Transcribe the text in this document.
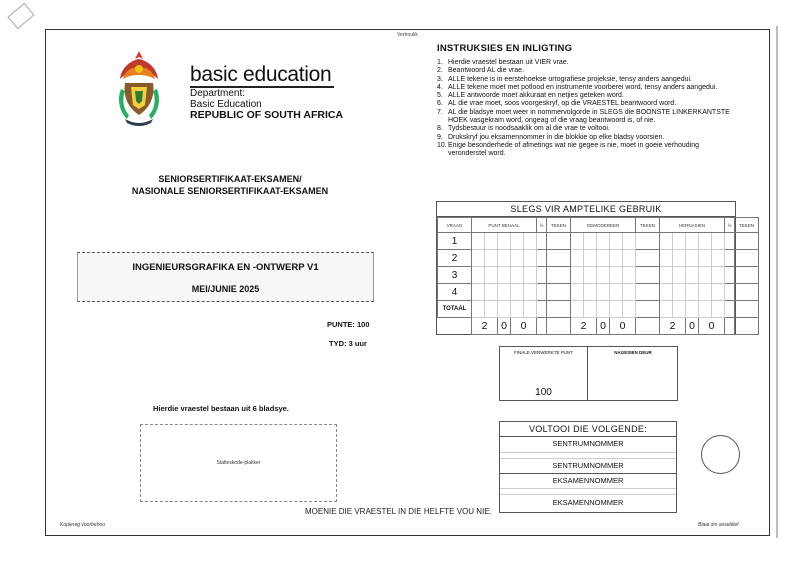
Vertroulik
basic education
Department:
Basic Education
REPUBLIC OF SOUTH AFRICA
SENIORSERTIFIKAAT-EKSAMEN/
NASIONALE SENIORSERTIFIKAAT-EKSAMEN
INGENIEURSGRAFIKA EN -ONTWERP V1
MEI/JUNIE 2025
PUNTE: 100
TYD: 3 uur
Hierdie vraestel bestaan uit 6 bladsye.
Stafieskode-plakker
MOENIE DIE VRAESTEL IN DIE HELFTE VOU NIE.
Kopiereg voorbehou	Blaai om asseblief
INSTRUKSIES EN INLIGTING
1. Hierdie vraestel bestaan uit VIER vrae.
2. Beantwoord AL die vrae.
3. ALLE tekene is in eerstehoekse ortografiese projeksie, tensy anders aangedui.
4. ALLE tekene moet met potlood en instrumente voorberei word, tensy anders aangedui.
5. ALLE antwoorde moet akkuraat en netjies geteken word.
6. AL die vrae moet, soos voorgeskryf, op die VRAESTEL beantwoord word.
7. AL die bladsye moet weer in nommervolgorde in SLEGS die BOONSTE LINKERKANTSTE HOEK vasgekram word, ongeag of die vraag beantwoord is, of nie.
8. Tydsbestuur is noodsaaklik om al die vrae te voltooi.
9. Drukskryf jou eksamennommer in die blokkie op elke bladsy voorsien.
10. Enige besonderhede of afmetings wat nie gegee is nie, moet in goeie verhouding veronderstel word.
SLEGS VIR AMPTELIKE GEBRUIK
VRAAG	PUNT BEHAAL					½	TEKEN	GEMODEREER					TEKEN	HERNASIEN					½	TEKEN
1																				
2																				
3																				
4																				
TOTAAL																				
	2		0	0				2		0	0			2		0	0			
FINALE VERWERKTE PUNT
100
NAGESIEN DEUR
VOLTOOI DIE VOLGENDE:
SENTRUMNOMMER
SENTRUMNOMMER
EKSAMENNOMMER
EKSAMENNOMMER
